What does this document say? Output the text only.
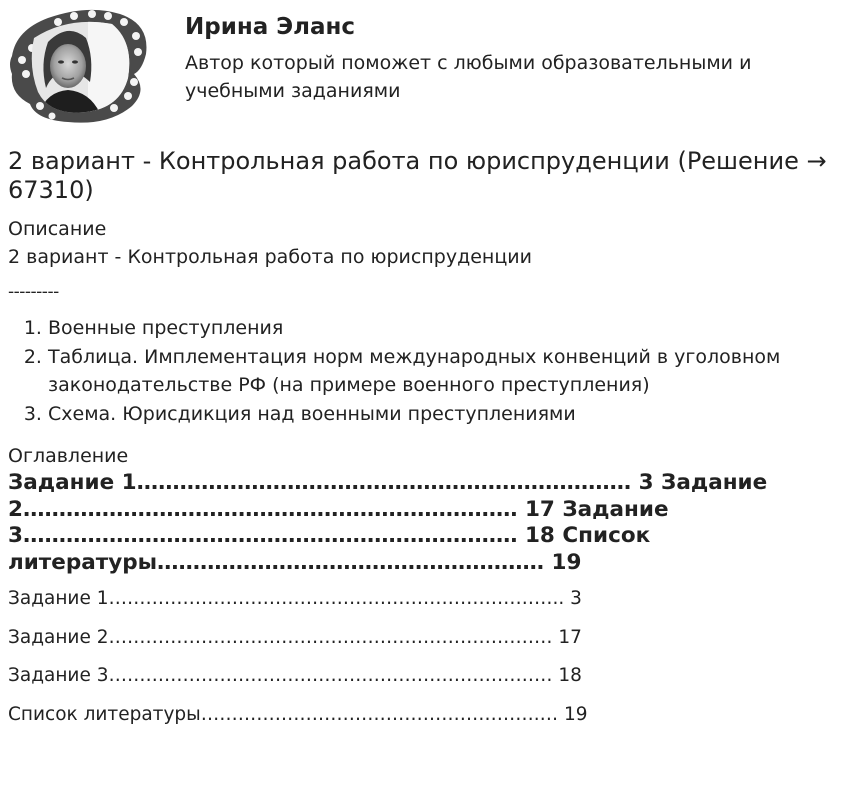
Ирина Эланс
Автор который поможет с любыми образовательными и учебными заданиями
2 вариант - Контрольная работа по юриспруденции (Решение →
67310)
Описание
2 вариант - Контрольная работа по юриспруденции
---------
1. Военные преступления
2. Таблица. Имплементация норм международных конвенций в уголовном законодательстве РФ (на примере военного преступления)
3. Схема. Юрисдикция над военными преступлениями
Оглавление
Задание 1…………………………………………………………… 3 Задание 2…………………………………………………………… 17 Задание 3…………………………………………………………… 18 Список литературы……………………………………………… 19
Задание 1……………………………………………………………….. 3
Задание 2……………………………………………………………… 17
Задание 3……………………………………………………………… 18
Список литературы……………………………………………….… 19
